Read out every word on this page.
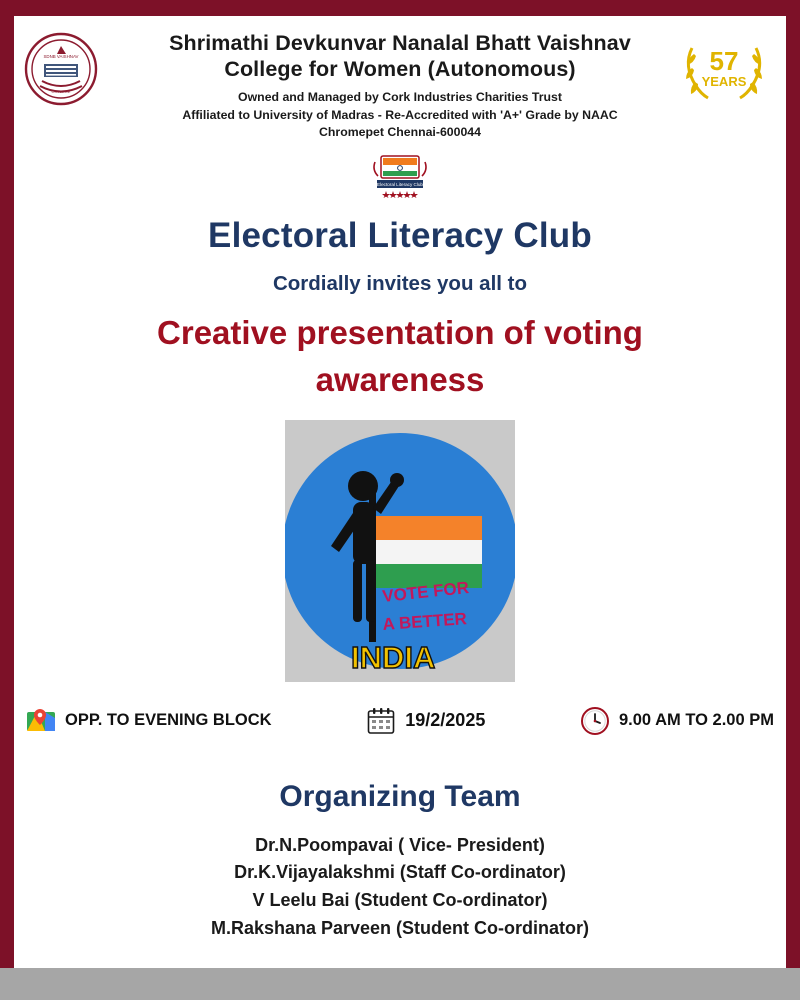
SDNB VAISHNAV
COLLEGE
57
YEARS
Shrimathi Devkunvar Nanalal Bhatt Vaishnav
College for Women (Autonomous)
Owned and Managed by Cork Industries Charities Trust
Affiliated to University of Madras - Re-Accredited with 'A+' Grade by NAAC
Chromepet Chennai-600044
Electoral Literacy Club
Electoral Literacy Club
Cordially invites you all to
Creative presentation of voting
awareness
VOTE FOR
A BETTER
INDIA
OPP. TO EVENING BLOCK	19/2/2025	9.00 AM TO 2.00 PM
Organizing Team
Dr.N.Poompavai ( Vice- President)
Dr.K.Vijayalakshmi (Staff Co-ordinator)
V Leelu Bai (Student Co-ordinator)
M.Rakshana Parveen (Student Co-ordinator)
